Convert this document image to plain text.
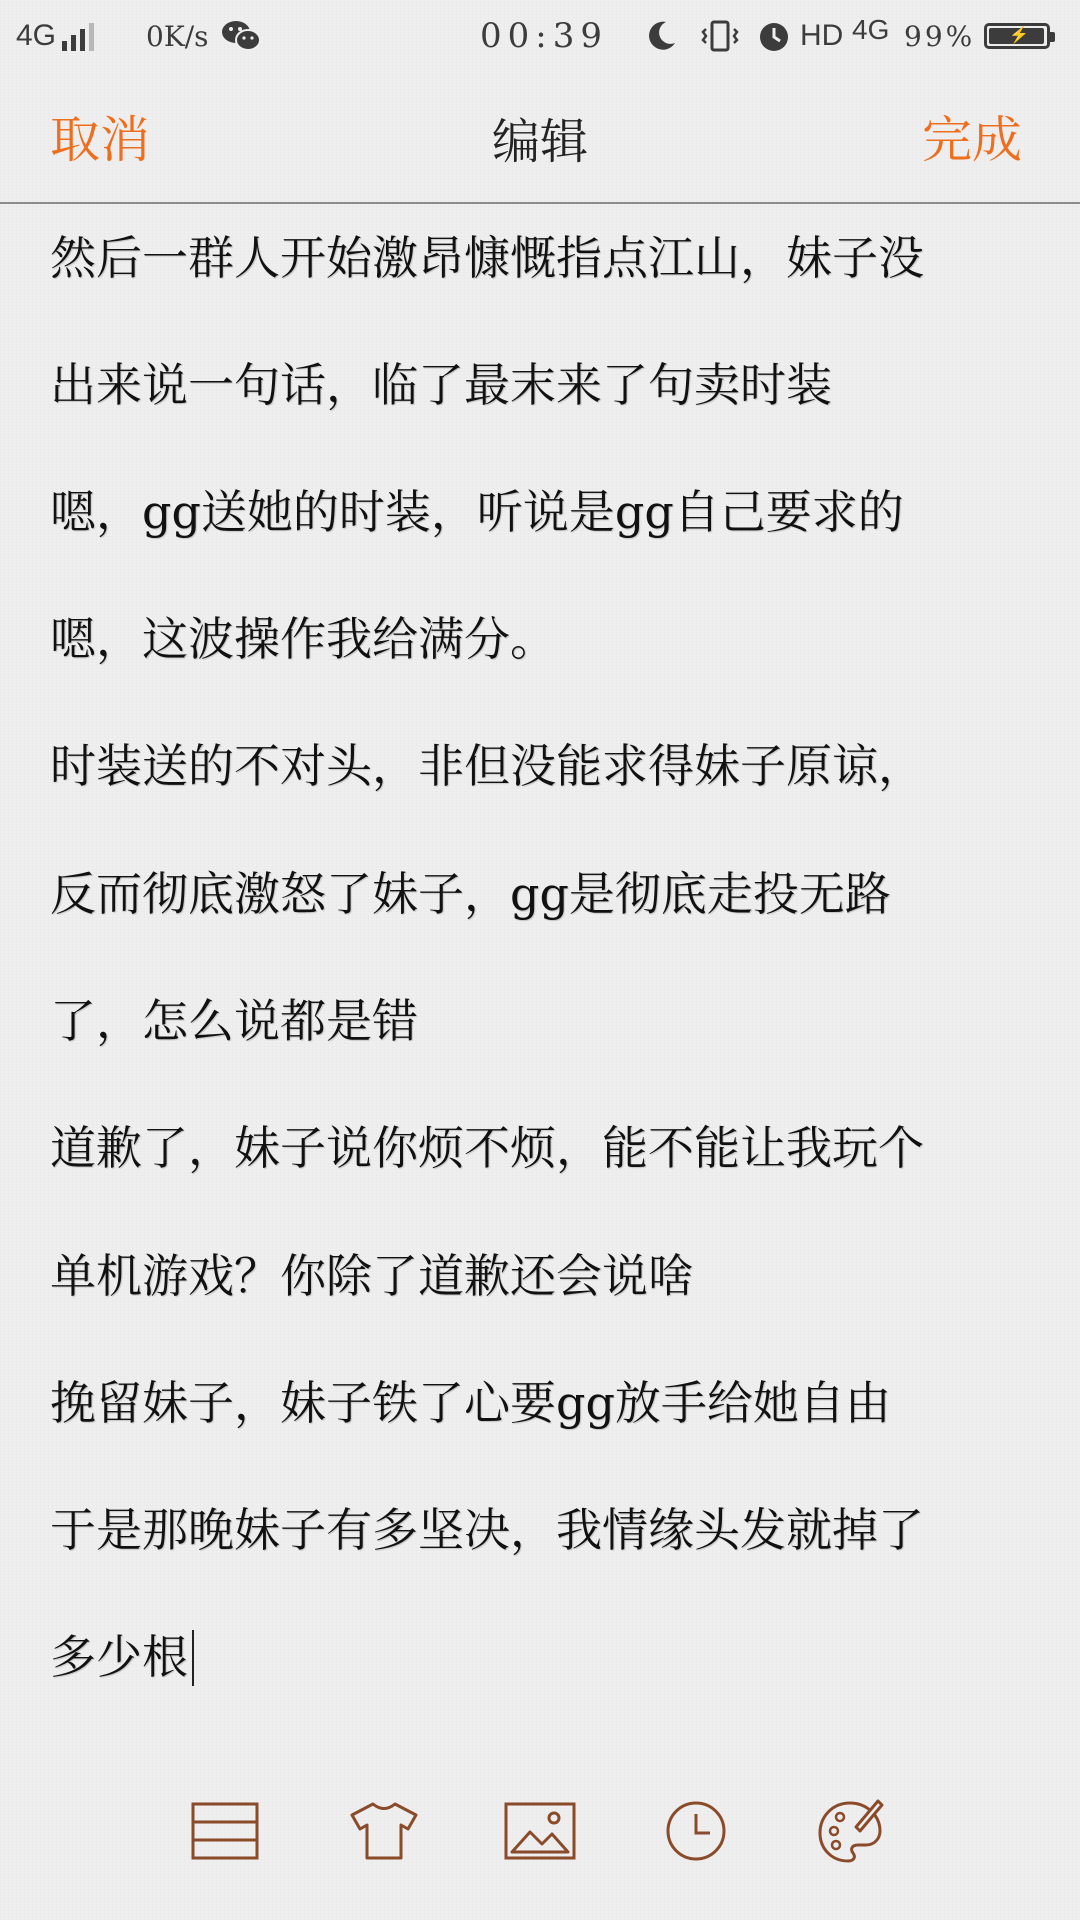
4G	0K/s	00:39	HD 4G 99% ⚡
取消	编辑	完成
然后一群人开始激昂慷慨指点江山，妹子没
出来说一句话，临了最末来了句卖时装
嗯，gg送她的时装，听说是gg自己要求的
嗯，这波操作我给满分。
时装送的不对头，非但没能求得妹子原谅，
反而彻底激怒了妹子，gg是彻底走投无路
了，怎么说都是错
道歉了，妹子说你烦不烦，能不能让我玩个
单机游戏？你除了道歉还会说啥
挽留妹子，妹子铁了心要gg放手给她自由
于是那晚妹子有多坚决，我情缘头发就掉了
多少根
